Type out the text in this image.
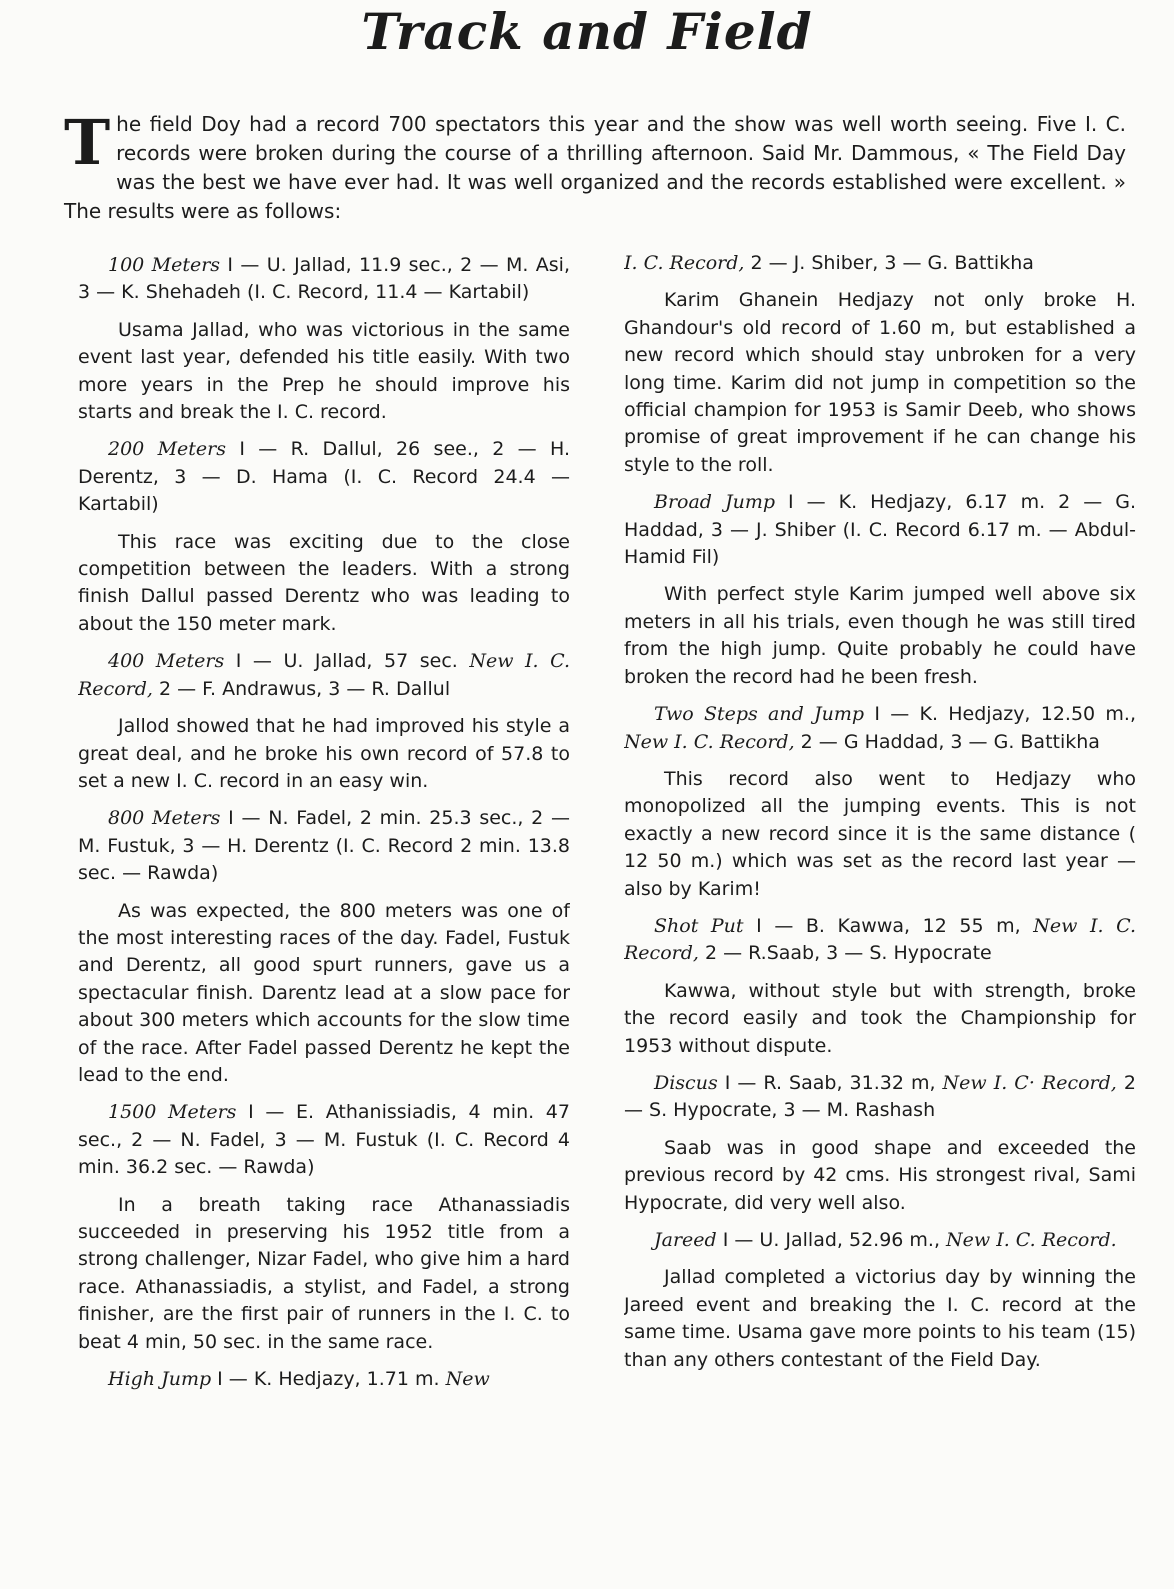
Track and Field

The field Doy had a record 700 spectators this year and the show was well worth seeing. Five I. C. records were broken during the course of a thrilling afternoon. Said Mr. Dammous, « The Field Day was the best we have ever had. It was well organized and the records established were excellent. » The results were as follows:

100 Meters I — U. Jallad, 11.9 sec., 2 — M. Asi, 3 — K. Shehadeh (I. C. Record, 11.4 — Kartabil)

Usama Jallad, who was victorious in the same event last year, defended his title easily. With two more years in the Prep he should improve his starts and break the I. C. record.

200 Meters I — R. Dallul, 26 see., 2 — H. Derentz, 3 — D. Hama (I. C. Record 24.4 — Kartabil)

This race was exciting due to the close competition between the leaders. With a strong finish Dallul passed Derentz who was leading to about the 150 meter mark.

400 Meters I — U. Jallad, 57 sec. New I. C. Record, 2 — F. Andrawus, 3 — R. Dallul

Jallod showed that he had improved his style a great deal, and he broke his own record of 57.8 to set a new I. C. record in an easy win.

800 Meters I — N. Fadel, 2 min. 25.3 sec., 2 — M. Fustuk, 3 — H. Derentz (I. C. Record 2 min. 13.8 sec. — Rawda)

As was expected, the 800 meters was one of the most interesting races of the day. Fadel, Fustuk and Derentz, all good spurt runners, gave us a spectacular finish. Darentz lead at a slow pace for about 300 meters which accounts for the slow time of the race. After Fadel passed Derentz he kept the lead to the end.

1500 Meters I — E. Athanissiadis, 4 min. 47 sec., 2 — N. Fadel, 3 — M. Fustuk (I. C. Record 4 min. 36.2 sec. — Rawda)

In a breath taking race Athanassiadis succeeded in preserving his 1952 title from a strong challenger, Nizar Fadel, who give him a hard race. Athanassiadis, a stylist, and Fadel, a strong finisher, are the first pair of runners in the I. C. to beat 4 min, 50 sec. in the same race.

High Jump I — K. Hedjazy, 1.71 m. New

I. C. Record, 2 — J. Shiber, 3 — G. Battikha

Karim Ghanein Hedjazy not only broke H. Ghandour's old record of 1.60 m, but established a new record which should stay unbroken for a very long time. Karim did not jump in competition so the official champion for 1953 is Samir Deeb, who shows promise of great improvement if he can change his style to the roll.

Broad Jump I — K. Hedjazy, 6.17 m. 2 — G. Haddad, 3 — J. Shiber (I. C. Record 6.17 m. — Abdul-Hamid Fil)

With perfect style Karim jumped well above six meters in all his trials, even though he was still tired from the high jump. Quite probably he could have broken the record had he been fresh.

Two Steps and Jump I — K. Hedjazy, 12.50 m., New I. C. Record, 2 — G Haddad, 3 — G. Battikha

This record also went to Hedjazy who monopolized all the jumping events. This is not exactly a new record since it is the same distance ( 12 50 m.) which was set as the record last year — also by Karim!

Shot Put I — B. Kawwa, 12 55 m, New I. C. Record, 2 — R.Saab, 3 — S. Hypocrate

Kawwa, without style but with strength, broke the record easily and took the Championship for 1953 without dispute.

Discus I — R. Saab, 31.32 m, New I. C· Record, 2 — S. Hypocrate, 3 — M. Rashash

Saab was in good shape and exceeded the previous record by 42 cms. His strongest rival, Sami Hypocrate, did very well also.

Jareed I — U. Jallad, 52.96 m., New I. C. Record.

Jallad completed a victorius day by winning the Jareed event and breaking the I. C. record at the same time. Usama gave more points to his team (15) than any others contestant of the Field Day.
